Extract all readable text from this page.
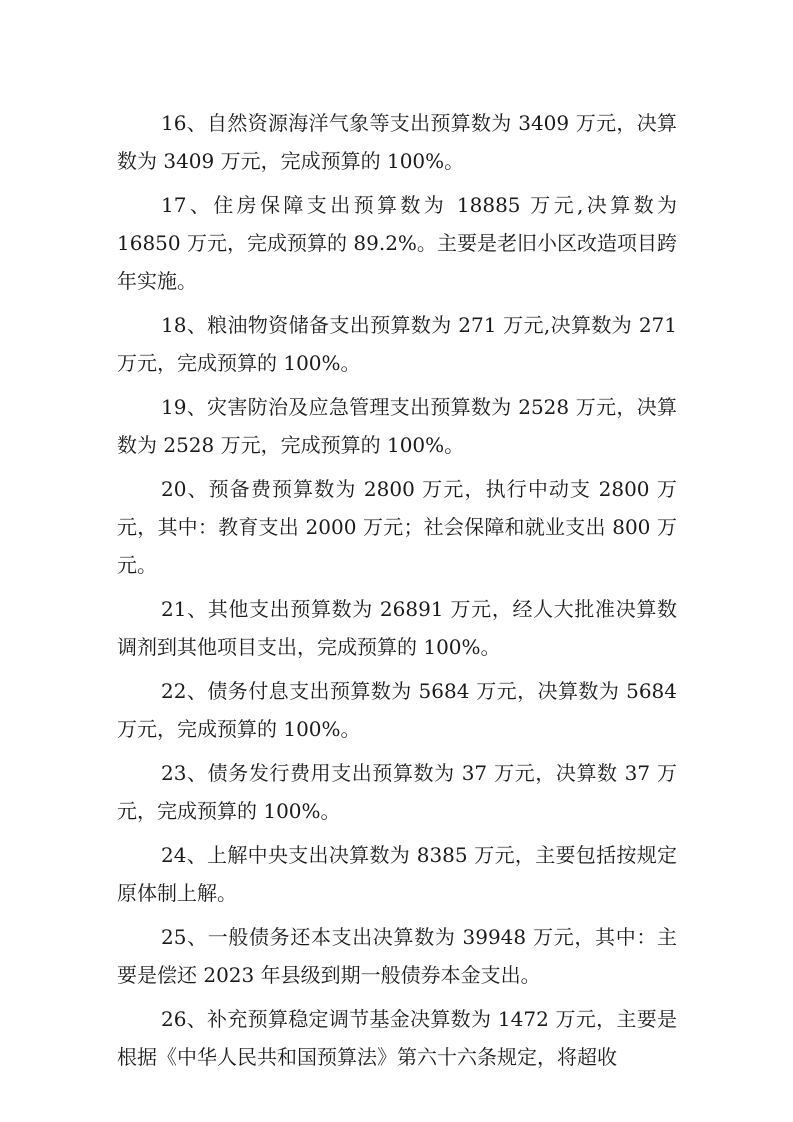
16、自然资源海洋气象等支出预算数为 3409 万元，决算数为 3409 万元，完成预算的 100%。

17、住房保障支出预算数为 18885 万元,决算数为 16850 万元，完成预算的 89.2%。主要是老旧小区改造项目跨年实施。

18、粮油物资储备支出预算数为 271 万元,决算数为 271 万元，完成预算的 100%。

19、灾害防治及应急管理支出预算数为 2528 万元，决算数为 2528 万元，完成预算的 100%。

20、预备费预算数为 2800 万元，执行中动支 2800 万元，其中：教育支出 2000 万元；社会保障和就业支出 800 万元。

21、其他支出预算数为 26891 万元，经人大批准决算数调剂到其他项目支出，完成预算的 100%。

22、债务付息支出预算数为 5684 万元，决算数为 5684 万元，完成预算的 100%。

23、债务发行费用支出预算数为 37 万元，决算数 37 万元，完成预算的 100%。

24、上解中央支出决算数为 8385 万元，主要包括按规定原体制上解。

25、一般债务还本支出决算数为 39948 万元，其中：主要是偿还 2023 年县级到期一般债券本金支出。

26、补充预算稳定调节基金决算数为 1472 万元，主要是根据《中华人民共和国预算法》第六十六条规定，将超收
